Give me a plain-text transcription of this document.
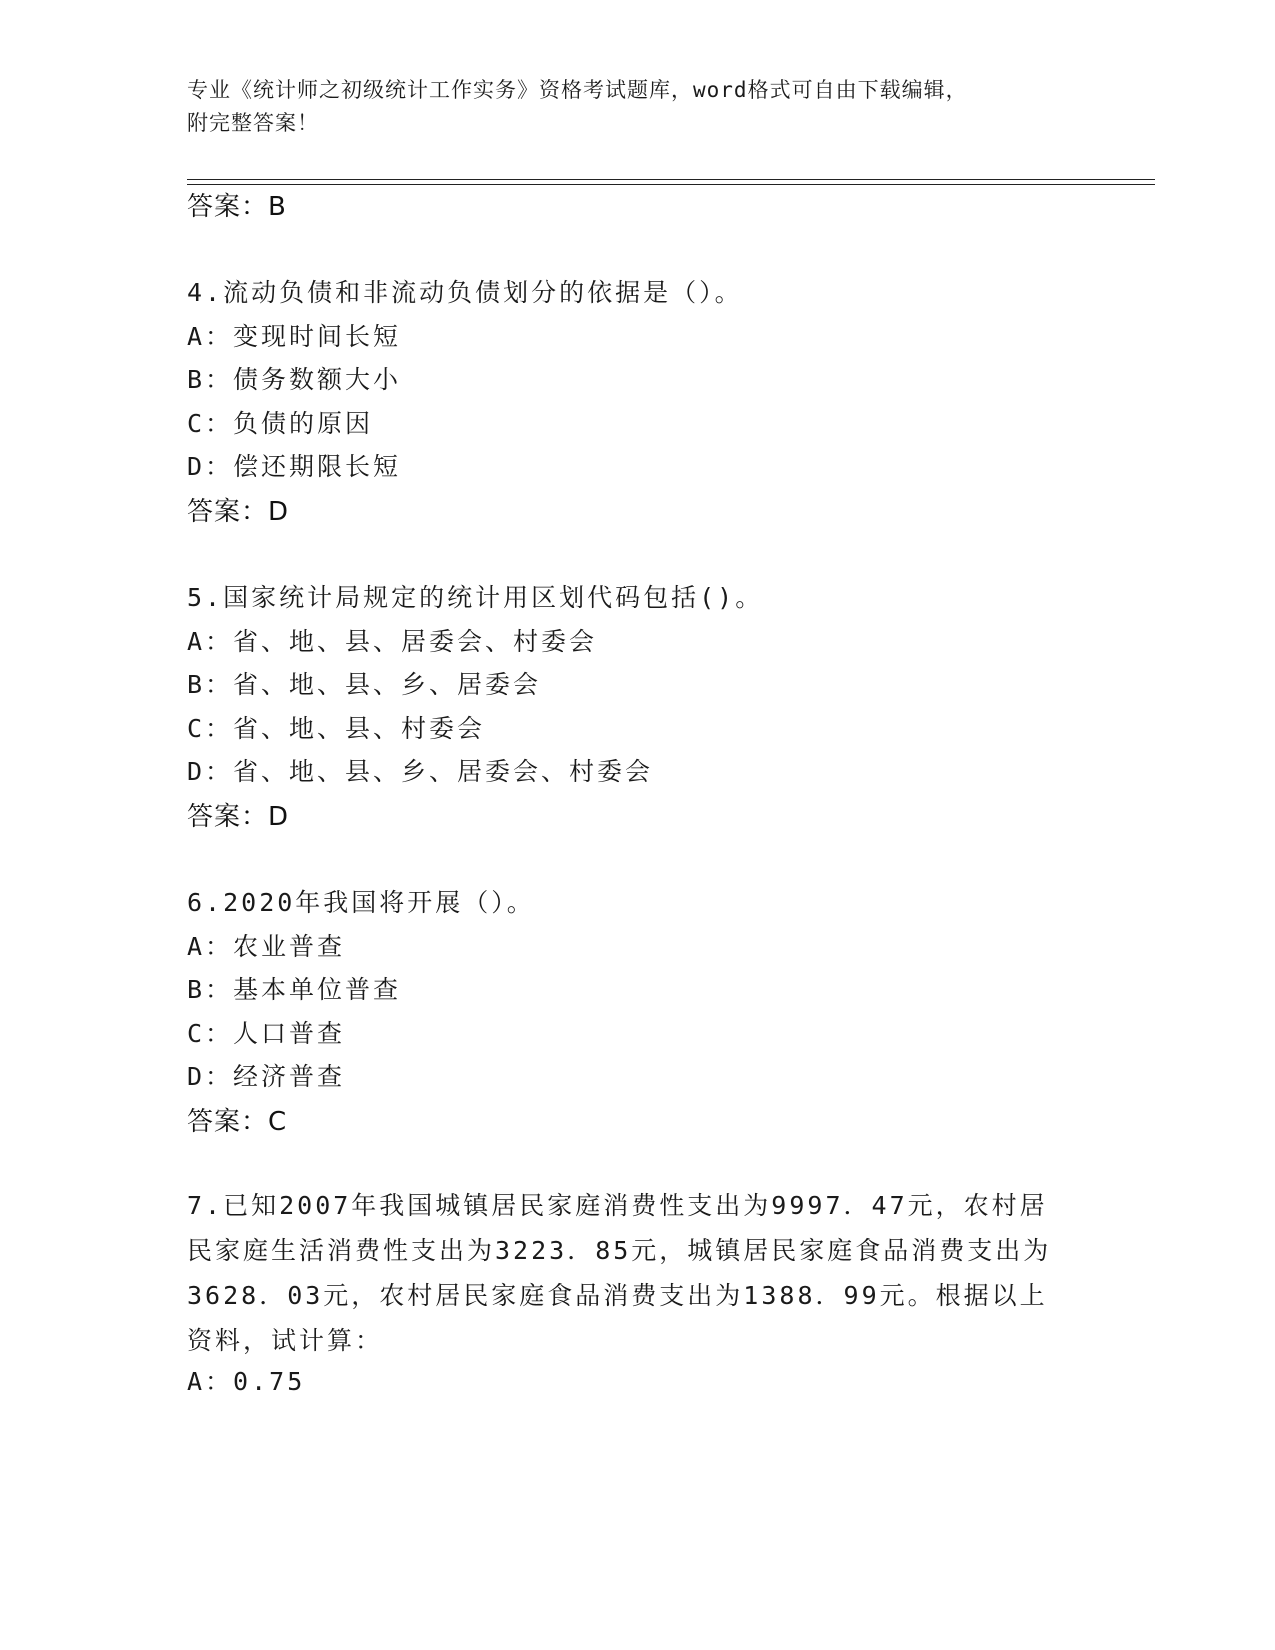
专业《统计师之初级统计工作实务》资格考试题库，word格式可自由下载编辑，
附完整答案！
答案：B
4.流动负债和非流动负债划分的依据是（）。
A：变现时间长短
B：债务数额大小
C：负债的原因
D：偿还期限长短
答案：D
5.国家统计局规定的统计用区划代码包括()。
A：省、地、县、居委会、村委会
B：省、地、县、乡、居委会
C：省、地、县、村委会
D：省、地、县、乡、居委会、村委会
答案：D
6.2020年我国将开展（）。
A：农业普查
B：基本单位普查
C：人口普查
D：经济普查
答案：C
7.已知2007年我国城镇居民家庭消费性支出为9997．47元，农村居民家庭生活消费性支出为3223．85元，城镇居民家庭食品消费支出为3628．03元，农村居民家庭食品消费支出为1388．99元。根据以上资料，试计算：
A：0.75
